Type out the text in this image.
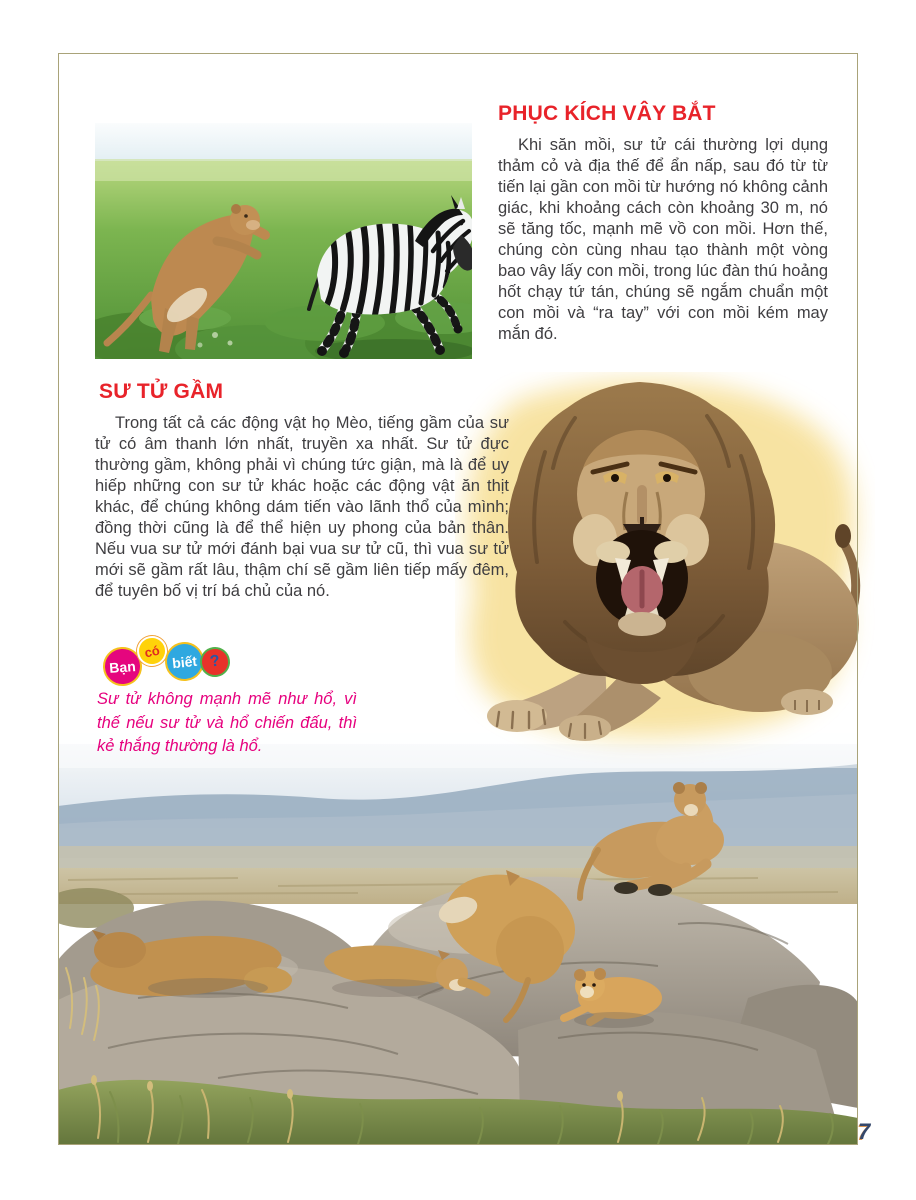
PHỤC KÍCH VÂY BẮT

Khi săn mồi, sư tử cái thường lợi dụng thảm cỏ và địa thế để ẩn nấp, sau đó từ từ tiến lại gần con mồi từ hướng nó không cảnh giác, khi khoảng cách còn khoảng 30 m, nó sẽ tăng tốc, mạnh mẽ vồ con mồi. Hơn thế, chúng còn cùng nhau tạo thành một vòng bao vây lấy con mồi, trong lúc đàn thú hoảng hốt chạy tứ tán, chúng sẽ ngắm chuẩn một con mồi và “ra tay” với con mồi kém may mắn đó.

SƯ TỬ GẦM

Trong tất cả các động vật họ Mèo, tiếng gầm của sư tử có âm thanh lớn nhất, truyền xa nhất. Sư tử đực thường gầm, không phải vì chúng tức giận, mà là để uy hiếp những con sư tử khác hoặc các động vật ăn thịt khác, để chúng không dám tiến vào lãnh thổ của mình; đồng thời cũng là để thể hiện uy phong của bản thân. Nếu vua sư tử mới đánh bại vua sư tử cũ, thì vua sư tử mới sẽ gầm rất lâu, thậm chí sẽ gầm liên tiếp mấy đêm, để tuyên bố vị trí bá chủ của nó.

Bạn
có
biết ?

Sư tử không mạnh mẽ như hổ, vì thế nếu sư tử và hổ chiến đấu, thì kẻ thắng thường là hổ.

7
